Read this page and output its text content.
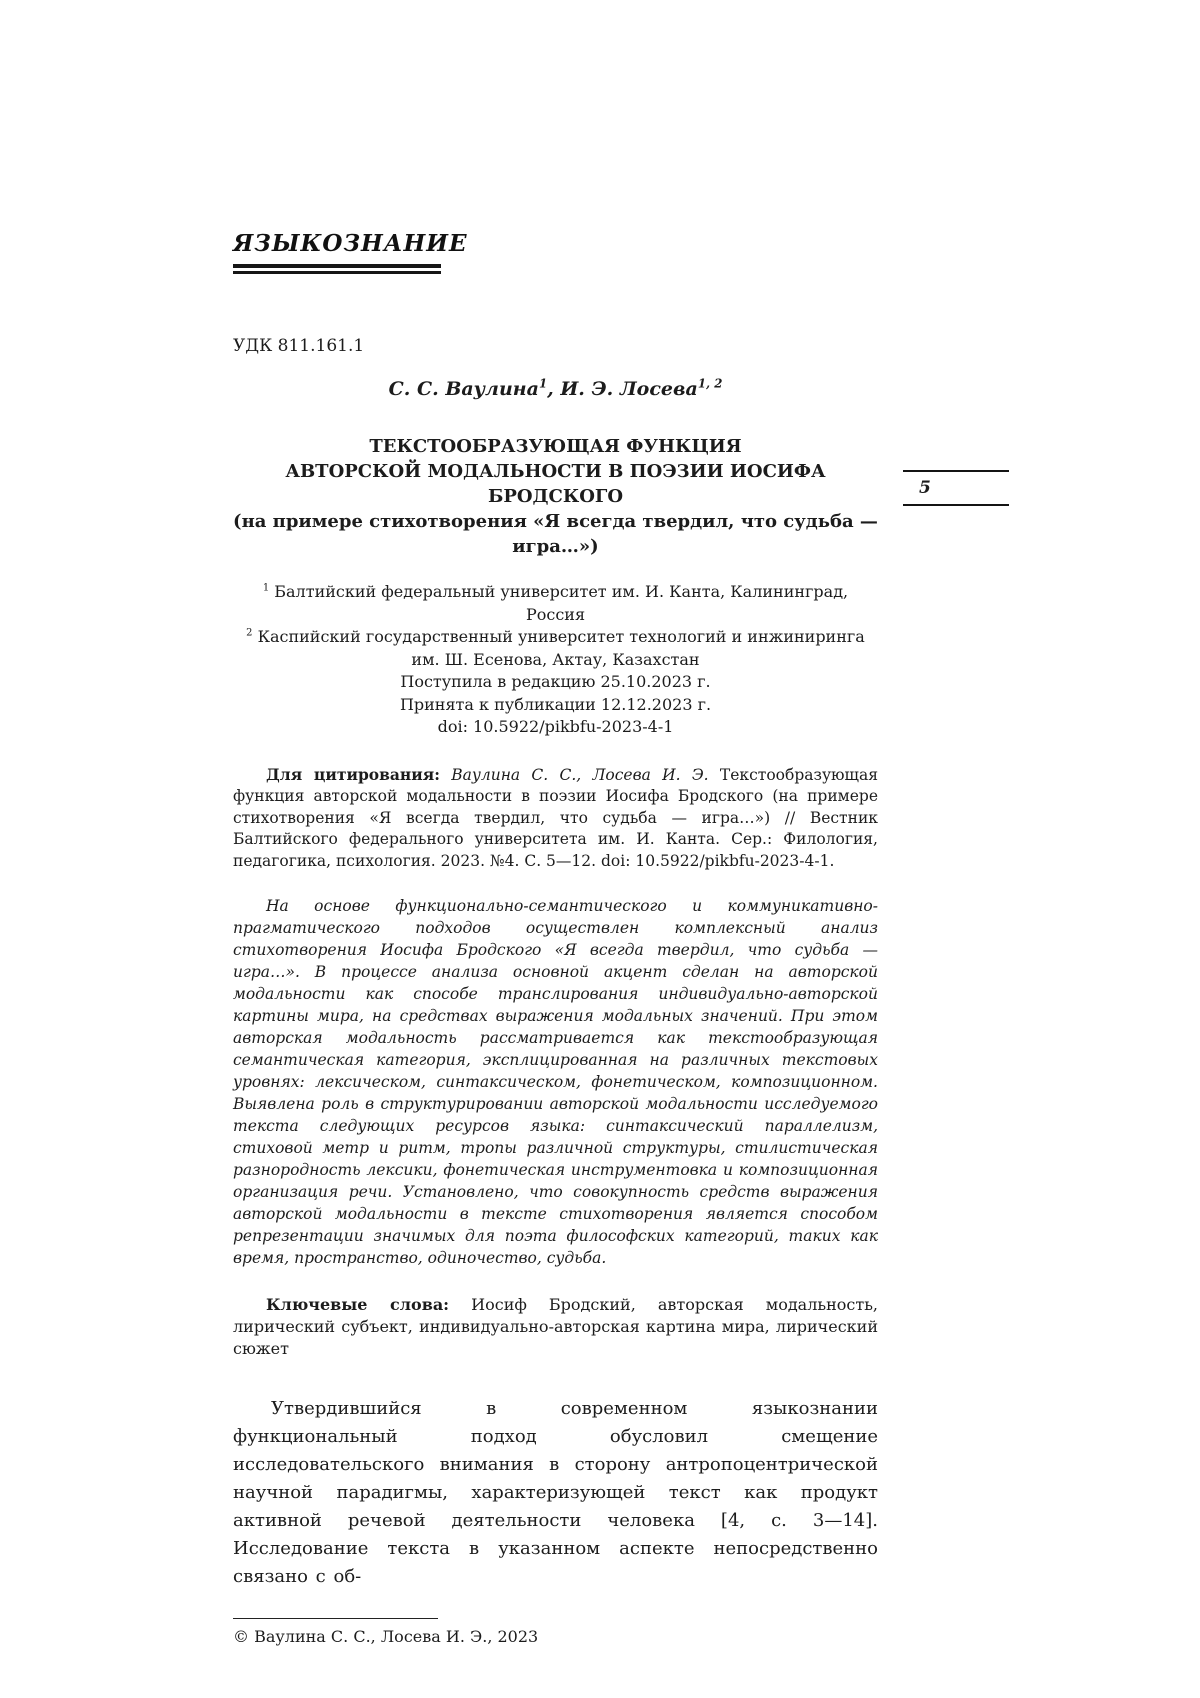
ЯЗЫКОЗНАНИЕ
УДК 811.161.1
С. С. Ваулина$^1$, И. Э. Лосева$^{1, 2}$
ТЕКСТООБРАЗУЮЩАЯ ФУНКЦИЯ
АВТОРСКОЙ МОДАЛЬНОСТИ В ПОЭЗИИ ИОСИФА БРОДСКОГО
(на примере стихотворения «Я всегда твердил, что судьба — игра…»)
$^1$ Балтийский федеральный университет им. И. Канта, Калининград, Россия
$^2$ Каспийский государственный университет технологий и инжиниринга
им. Ш. Есенова, Актау, Казахстан
Поступила в редакцию 25.10.2023 г.
Принята к публикации 12.12.2023 г.
doi: 10.5922/pikbfu-2023-4-1

Для цитирования: Ваулина С. С., Лосева И. Э. Текстообразующая функция авторской модальности в поэзии Иосифа Бродского (на примере стихотворения «Я всегда твердил, что судьба — игра…») // Вестник Балтийского федерального университета им. И. Канта. Сер.: Филология, педагогика, психология. 2023. №4. С. 5—12. doi: 10.5922/pikbfu-2023-4-1.

На основе функционально-семантического и коммуникативно-прагматического подходов осуществлен комплексный анализ стихотворения Иосифа Бродского «Я всегда твердил, что судьба — игра…». В процессе анализа основной акцент сделан на авторской модальности как способе транслирования индивидуально-авторской картины мира, на средствах выражения модальных значений. При этом авторская модальность рассматривается как текстообразующая семантическая категория, эксплицированная на различных текстовых уровнях: лексическом, синтаксическом, фонетическом, композиционном. Выявлена роль в структурировании авторской модальности исследуемого текста следующих ресурсов языка: синтаксический параллелизм, стиховой метр и ритм, тропы различной структуры, стилистическая разнородность лексики, фонетическая инструментовка и композиционная организация речи. Установлено, что совокупность средств выражения авторской модальности в тексте стихотворения является способом репрезентации значимых для поэта философских категорий, таких как время, пространство, одиночество, судьба.

Ключевые слова: Иосиф Бродский, авторская модальность, лирический субъект, индивидуально-авторская картина мира, лирический сюжет

Утвердившийся в современном языкознании функциональный подход обусловил смещение исследовательского внимания в сторону антропоцентрической научной парадигмы, характеризующей текст как продукт активной речевой деятельности человека [4, с. 3—14]. Исследование текста в указанном аспекте непосредственно связано с об-

© Ваулина С. С., Лосева И. Э., 2023
5
